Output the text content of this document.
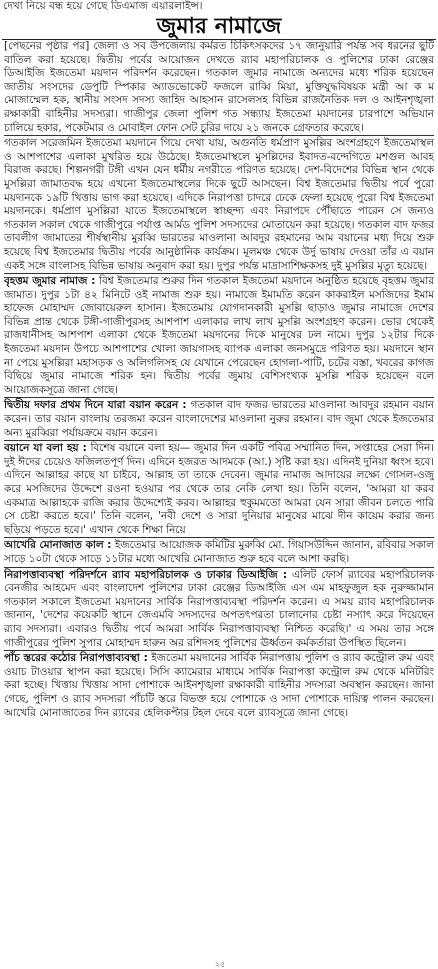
দেখা নিয়ে বন্ধ হয়ে গেছে ডিএমাজ এয়ারলাইন্স।
জুমার নামাজে

[পেছনের পৃষ্ঠার পর] জেলা ও সব উপজেলায় কর্মরত চিকিৎসকদের ১৭ জানুয়ারি পর্যন্ত সব ধরনের ছুটি বাতিল করা হয়েছে। দ্বিতীয় পর্বের আয়োজন দেখতে র‍্যাব মহাপরিচালক ও পুলিশের ঢাকা রেঞ্জের ডিআইজি ইজতেমা ময়দান পরিদর্শন করেছেন। গতকাল জুমার নামাজে অন্যদের মধ্যে শরিক হয়েছেন জাতীয় সংসদের ডেপুটি স্পিকার অ্যাডভোকেট ফজলে রাব্বি মিয়া, মুক্তিযুদ্ধবিষয়ক মন্ত্রী আ ক ম মোজাম্মেল হক, স্থানীয় সংসদ সদস্য জাহিদ আহসান রাসেলসহ বিভিন্ন রাজনৈতিক দল ও আইনশৃঙ্খলা রক্ষাকারী বাহিনীর সদস্যরা। গাজীপুর জেলা পুলিশ গত সন্ধ্যায় ইজতেমা ময়দানের চারপাশে অভিযান চালিয়ে হকার, পকেটমার ও মোবাইল ফোন সেট চুরির দায়ে ২১ জনকে গ্রেফতার করেছে।

গতকাল সরেজমিন ইজতেমা ময়দানে গিয়ে দেখা যায়, অগুনতি ধর্মপ্রাণ মুসল্লির অংশগ্রহণে ইজতেমাস্থল ও আশপাশের এলাকা মুখরিত হয়ে উঠেছে। ইজতেমাস্থলে মুসল্লিদের ইবাদত-বন্দেগিতে মশগুল আবহ বিরাজ করছে। শিল্পনগরী টঙ্গী এখন যেন ধর্মীয় নগরীতে পরিণত হয়েছে। দেশ-বিদেশের বিভিন্ন স্থান থেকে মুসল্লিরা জামাতবদ্ধ হয়ে এখনো ইজতেমাস্থলের দিকে ছুটে আসছেন। বিশ্ব ইজতেমার দ্বিতীয় পর্বে পুরো ময়দানকে ১৯টি খিত্তায় ভাগ করা হয়েছে। এদিকে নিরাপত্তা চাদরে ঢেকে ফেলা হয়েছে পুরো বিশ্ব ইজতেমা ময়দানকে। ধর্মপ্রাণ মুসল্লিরা যাতে ইজতেমাস্থলে স্বাচ্ছন্দ্য এবং নিরাপদে পৌঁছাতে পারেন সে জন্যও গতকাল সকাল থেকে গাজীপুরে পর্যাপ্ত আর্মড পুলিশ সদস্যদের মোতায়েন করা হয়েছে। গতকাল বাদ ফজর তাবলীগ জামাতের শীর্ষস্থানীয় মুরব্বি ভারতের মাওলানা আবদুর রহমানের আম বয়ানের মধ্য দিয়ে শুরু হয়েছে বিশ্ব ইজতেমার দ্বিতীয় পর্বের আনুষ্ঠানিক কার্যক্রম। মূলমঞ্চ থেকে উর্দু ভাষায় দেওয়া তাঁর এ বয়ান একই সঙ্গে বাংলাসহ বিভিন্ন ভাষায় অনুবাদ করা হয়। দুপুর পর্যন্ত মাদ্রাসাশিক্ষকসহ দুই মুসল্লির মৃত্যু হয়েছে।

বৃহত্তম জুমার নামাজ : বিশ্ব ইজতেমার শুরুর দিন গতকাল ইজতেমা ময়দানে অনুষ্ঠিত হয়েছে বৃহত্তম জুমার জামাত। দুপুর ১টা ৪২ মিনিটে ওই নামাজ শুরু হয়। নামাজে ইমামতি করেন কাকরাইল মসজিদের ইমাম হাফেজ মোহাম্মদ জোবায়েরুল হাসান। ইজতেমায় যোগদানকারী মুসল্লি ছাড়াও জুমার নামাজে দেশের বিভিন্ন প্রান্ত থেকে টঙ্গী-গাজীপুরসহ আশপাশ এলাকার লাখ লাখ মুসল্লি অংশগ্রহণ করেন। ভোর থেকেই রাজধানীসহ আশপাশ এলাকা থেকে ইজতেমা ময়দানের দিকে মানুষের ঢল নামে। দুপুর ১২টার দিকে ইজতেমা ময়দান উপচে আশপাশের খোলা জায়গাসহ ব্যাপক এলাকা জনসমুদ্রে পরিণত হয়। ময়দানে স্থান না পেয়ে মুসল্লিরা মহাসড়ক ও অলিগলিসহ যে যেখানে পেরেছেন হোগলা-পাটি, চটের বস্তা, খবরের কাগজ বিছিয়ে জুমার নামাজে শরিক হন। দ্বিতীয় পর্বের জুমায় বেশিসংখ্যক মুসল্লি শরিক হয়েছেন বলে আয়োজকসূত্রে জানা গেছে।

দ্বিতীয় দফার প্রথম দিনে যারা বয়ান করেন : গতকাল বাদ ফজর ভারতের মাওলানা আবদুর রহমান বয়ান করেন। তার বয়ান বাংলায় তরজমা করেন বাংলাদেশের মাওলানা নুরুর রহমান। বাদ জুমা থেকে ইজতেমার অন্য মুরব্বিরা পর্যায়ক্রমে বয়ান করেন।

বয়ানে যা বলা হয় : বিশেষ বয়ানে বলা হয়— জুমার দিন একটি পবিত্র সম্মানিত দিন, সপ্তাহের সেরা দিন। দুই ঈদের চেয়েও ফজিলতপূর্ণ দিন। এদিনে হজরত আদমকে (আ.) সৃষ্টি করা হয়। এদিনই দুনিয়া ধ্বংস হবে। এদিনে আল্লাহর কাছে যা চাইবে, আল্লাহ তা তাকে দেবেন। জুমার নামাজ আদায়ের লক্ষ্যে গোসল-ওজু করে মসজিদের উদ্দেশে রওনা হওয়ার পর থেকে তার নেকি লেখা হয়। তিনি বলেন, 'আমরা যা করব একমাত্র আল্লাহকে রাজি করার উদ্দেশ্যেই করব। আল্লাহর হুকুমমতো আমরা যেন সারা জীবন চলতে পারি সে চেষ্টা করতে হবে।' তিনি বলেন, 'নবী দেশে ও সারা দুনিয়ার মানুষের মাঝে দীন কায়েম করার জন্য ছড়িয়ে পড়তে হবে।' এখান থেকে শিক্ষা নিয়ে

আখেরি মোনাজাত কাল : ইজতেমার আয়োজক কমিটির মুরুব্বি মো. গিয়াসউদ্দিন জানান, রবিবার সকাল সাড়ে ১০টা থেকে সাড়ে ১১টার মধ্যে আখেরি মোনাজাত শুরু হবে বলে আশা করছি।

নিরাপত্তাব্যবস্থা পরিদর্শনে র‍্যাব মহাপরিচালক ও ঢাকার ডিআইজি : এলিট ফোর্স র‍্যাবের মহাপরিচালক বেনজীর আহমেদ এবং বাংলাদেশ পুলিশের ঢাকা রেঞ্জের ডিআইজি এস এম মাহফুজুল হক নুরুজ্জামান গতকাল সকালে ইজতেমা ময়দানের সার্বিক নিরাপত্তাব্যবস্থা পরিদর্শন করেন। এ সময় র‍্যাব মহাপরিচালক জানান, 'দেশের কয়েকটি স্থানে জেএমবি সদস্যদের অপতৎপরতা চালানোর চেষ্টা নস্যাৎ করে দিয়েছেন র‍্যাব সদস্যরা। এবারও দ্বিতীয় পর্বে আমরা সার্বিক নিরাপত্তাব্যবস্থা নিশ্চিত করেছি।' এ সময় তার সঙ্গে গাজীপুরের পুলিশ সুপার মোহাম্মদ হারুন অর রশিদসহ পুলিশের ঊর্ধ্বতন কর্মকর্তারা উপস্থিত ছিলেন।

পাঁচ স্তরের কঠোর নিরাপত্তাব্যবস্থা : ইজতেমা ময়দানের সার্বিক নিরাপত্তায় পুলিশ ও র‍্যাব কন্ট্রোল রুম এবং ওয়াচ টাওয়ার স্থাপন করা হয়েছে। সিসি ক্যামেরার মাধ্যমে সার্বিক নিরাপত্তা কন্ট্রোল রুম থেকে মনিটরিং করা হচ্ছে। খিত্তায় খিত্তায় সাদা পোশাকে আইনশৃঙ্খলা রক্ষাকারী বাহিনীর সদস্যরা অবস্থান করছেন। জানা গেছে, পুলিশ ও র‍্যাব সদস্যরা পাঁচটি স্তরে বিভক্ত হয়ে পোশাকে ও সাদা পোশাকে দায়িত্ব পালন করছেন। আখেরি মোনাজাতের দিন র‍্যাবের হেলিকপ্টার টহল দেবে বলে র‍্যাবসূত্রে জানা গেছে।

২৫
